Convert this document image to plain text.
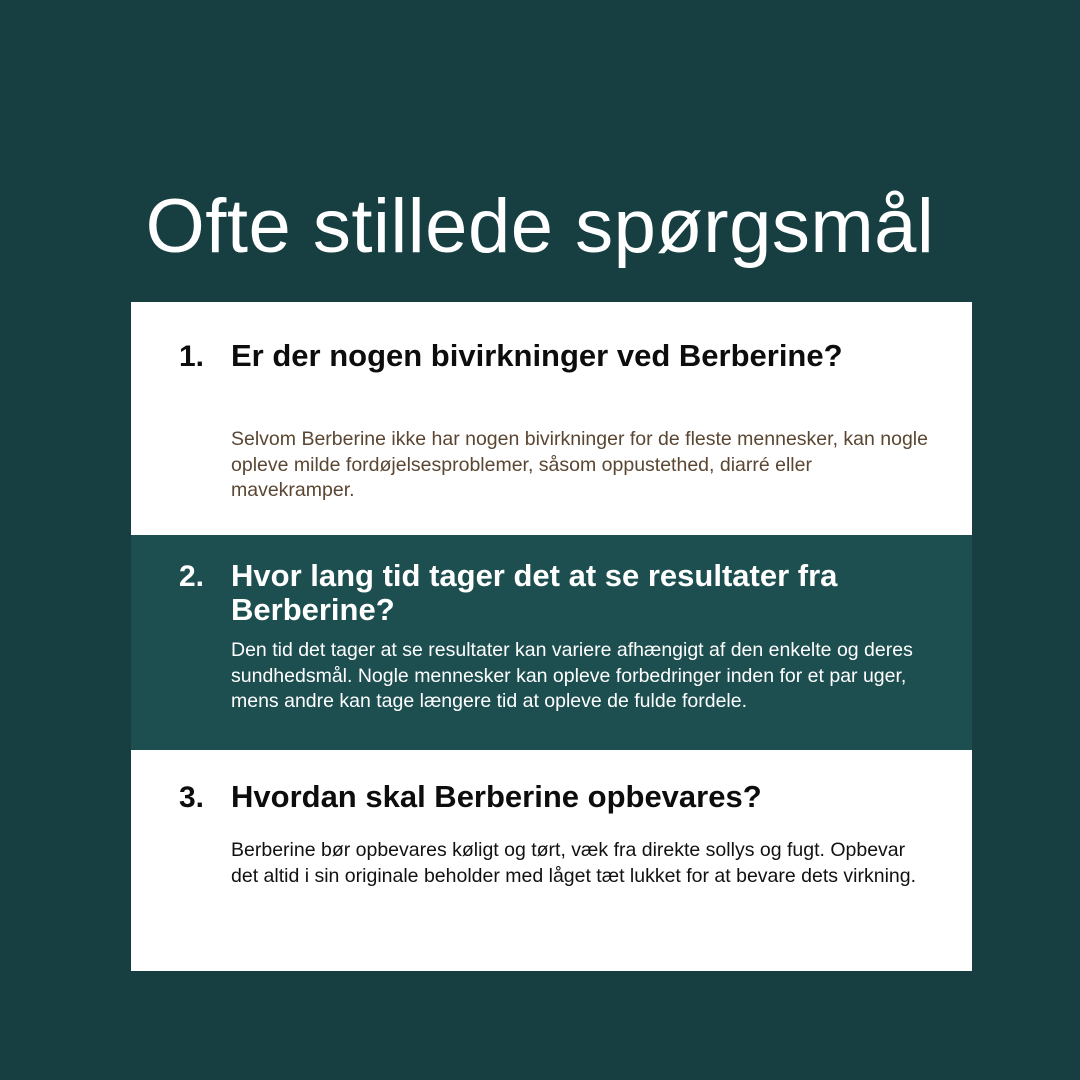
Ofte stillede spørgsmål
1. Er der nogen bivirkninger ved Berberine?
Selvom Berberine ikke har nogen bivirkninger for de fleste mennesker, kan nogle opleve milde fordøjelsesproblemer, såsom oppustethed, diarré eller mavekramper.
2. Hvor lang tid tager det at se resultater fra Berberine?
Den tid det tager at se resultater kan variere afhængigt af den enkelte og deres sundhedsmål. Nogle mennesker kan opleve forbedringer inden for et par uger, mens andre kan tage længere tid at opleve de fulde fordele.
3. Hvordan skal Berberine opbevares?
Berberine bør opbevares køligt og tørt, væk fra direkte sollys og fugt. Opbevar det altid i sin originale beholder med låget tæt lukket for at bevare dets virkning.
